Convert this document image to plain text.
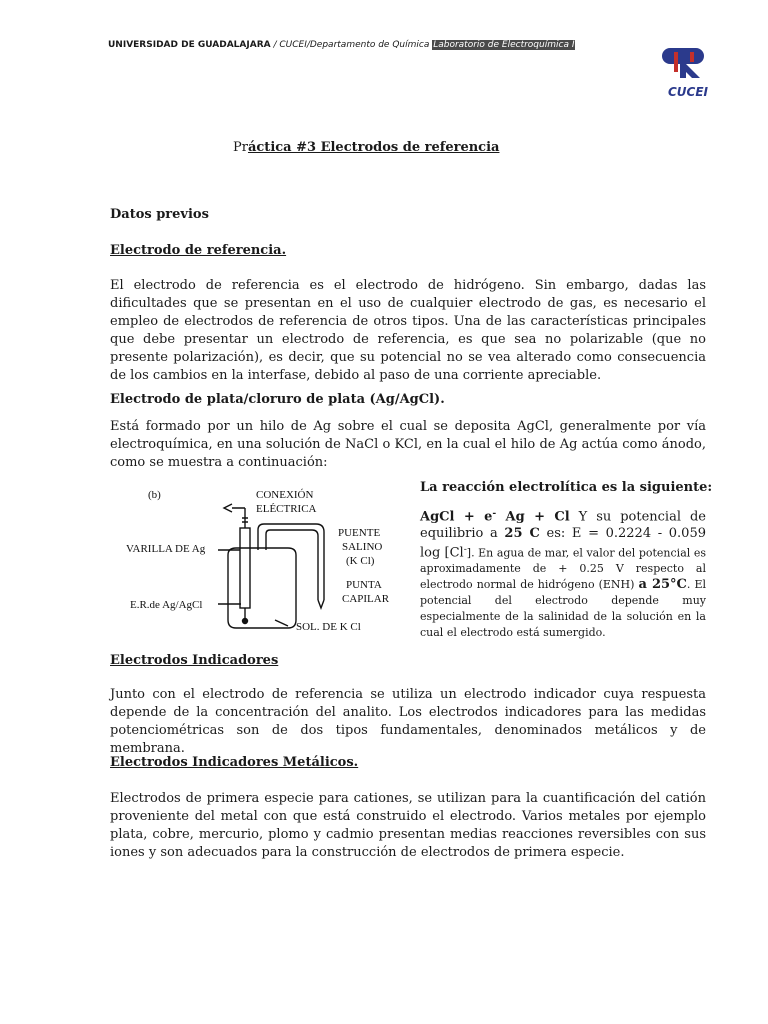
UNIVERSIDAD DE GUADALAJARA / CUCEI/Departamento de Química Laboratorio de Electroquímica I
CUCEI
Práctica #3 Electrodos de referencia
Datos previos
Electrodo de referencia.
El electrodo de referencia es el electrodo de hidrógeno. Sin embargo, dadas las dificultades que se presentan en el uso de cualquier electrodo de gas, es necesario el empleo de electrodos de referencia de otros tipos. Una de las características principales que debe presentar un electrodo de referencia, es que sea no polarizable (que no presente polarización), es decir, que su potencial no se vea alterado como consecuencia de los cambios en la interfase, debido al paso de una corriente apreciable.
Electrodo de plata/cloruro de plata (Ag/AgCl).
Está formado por un hilo de Ag sobre el cual se deposita AgCl, generalmente por vía electroquímica, en una solución de NaCl o KCl, en la cual el hilo de Ag actúa como ánodo, como se muestra a continuación:
(b)	CONEXIÓN
ELÉCTRICA
PUENTE
SALINO
(K Cl)
VARILLA DE Ag
PUNTA
CAPILAR
E.R.de Ag/AgCl
SOL. DE K Cl
La reacción electrolítica es la siguiente:
AgCl + e- Ag + Cl Y su potencial de equilibrio a 25 C es: E = 0.2224 - 0.059 log [Cl-]. En agua de mar, el valor del potencial es aproximadamente de + 0.25 V respecto al electrodo normal de hidrógeno (ENH) a 25°C. El potencial del electrodo depende muy especialmente de la salinidad de la solución en la cual el electrodo está sumergido.
Electrodos Indicadores
Junto con el electrodo de referencia se utiliza un electrodo indicador cuya respuesta depende de la concentración del analito. Los electrodos indicadores para las medidas potenciométricas son de dos tipos fundamentales, denominados metálicos y de membrana.
Electrodos Indicadores Metálicos.
Electrodos de primera especie para cationes, se utilizan para la cuantificación del catión proveniente del metal con que está construido el electrodo. Varios metales por ejemplo plata, cobre, mercurio, plomo y cadmio presentan medias reacciones reversibles con sus iones y son adecuados para la construcción de electrodos de primera especie.
